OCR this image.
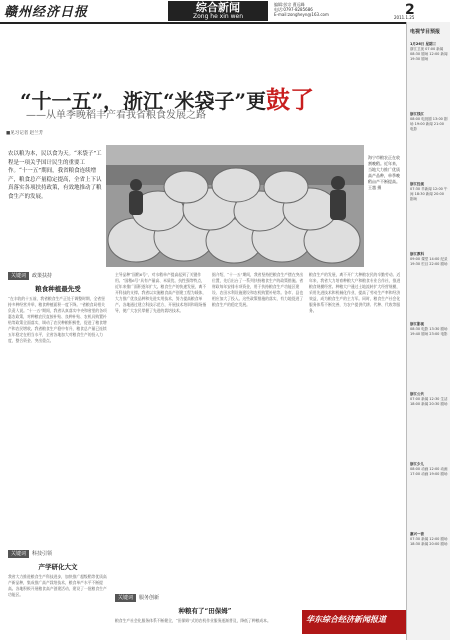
赣州经济日报	综合新闻
Zong he xin wen
编辑:彭宗 曹远峰
电话:0797-8285686
E-mail:zongheyn@163.com	2
2011.1.25
“十一五”，浙江“米袋子”更鼓了
——从单季晚稻丰产看我省粮食发展之路
■见习记者 赵兰芳
农以粮为本，民以食为天。“米袋子”工程是一项关乎国计民生的重要工作。“十一五”期间，我省粮食连续增产，粮食总产量稳定提高，全省上下认真落实各项扶持政策，有效地推动了粮食生产的发展。
海宁市粮农正在收割晚稻。近年来，当地大力推广优质高产品种，单季晚稻亩产不断提高。王越 摄
关键词 政策扶持
粮食种植最先受
“在丰收的十五前，我省粮食生产正处于调整时期，全省坚持多种经营并举，粮食种植面积一度下降。”省粮食局相关负责人说。“十一五”期间，我省认真落实中央和省里的各项惠农政策，对种粮农民直接补贴、良种补贴、农机具购置补贴等政策全面落实，调动了农民种粮积极性，促进了粮食增产和农民增收。我省粮食生产稳中有升，粮食总产量已连续五年稳定在相当水平，全省各地加大对粮食生产的投入力度，整合资金、突出重点。
关键词 科技引领
产学研化大文
我省大力推进粮食生产科技进步，加快推广超级稻等优质高产新品种，集成推广高产栽培技术，粮食单产水平不断提高。各地积极开展粮食高产创建活动，建设了一批粮食生产功能区。
主导品种“国稻6号”，对水稻单产提高起到了关键作用。“国稻6号”具有产量高、米质优、抗性强等特点，近年来推广面积逐年扩大。粮食生产的快速发展，离不开科技的支撑。我省以实施粮食高产创建工程为载体，大力推广优良品种和先进实用技术，努力提高粮食单产。各地通过建立科技示范方，开展技术培训和现场指导，使广大农民掌握了先进的栽培技术。
据介绍，“十一五”期间，我省坚持把粮食生产摆在突出位置，先后出台了一系列扶持粮食生产的政策措施。省财政每年安排专项资金，用于扶持粮食生产功能区建设、农田水利设施建设和农机购置补贴等。各市、县也相应加大了投入。这些政策措施的落实，有力地促进了粮食生产的稳定发展。
粮食生产的发展，离不开广大种粮农民的辛勤劳动。近年来，我省大力培育种粮大户和粮食专业合作社，推进粮食规模经营。种粮大户通过土地流转扩大经营规模，采用先进技术和机械化作业，提高了劳动生产率和经济效益，成为粮食生产的主力军。同时，粮食生产社会化服务体系不断完善，为农户提供代耕、代种、代收等服务。
关键词 服务创新
种粮有了“田保姆”
粮食生产社会化服务体系不断健全，“田保姆”式的农机作业服务逐渐普及，降低了种粮成本。
电视节目预报
1月26日 星期三
浙江卫视 07:00 新闻 08:30 剧场 12:00 新闻 19:30 剧场
浙江钱江
08:00 电视剧 13:00 剧场 19:00 新闻 21:00 电影
浙江经视
07:30 早新闻 12:00 午间 18:30 新闻 20:00 剧场
浙江教科
09:00 课堂 14:00 纪录 19:30 栏目 22:00 剧场
浙江影视
08:30 电影 13:30 剧场 19:40 剧场 23:00 电影
浙江公共
07:00 新闻 12:30 生活 18:00 新闻 20:30 剧场
浙江少儿
08:00 动画 12:00 动画 17:00 动画 19:00 剧场
嘉兴一套
07:30 新闻 12:00 剧场 18:30 新闻 20:00 剧场
华东综合经济新闻报道
